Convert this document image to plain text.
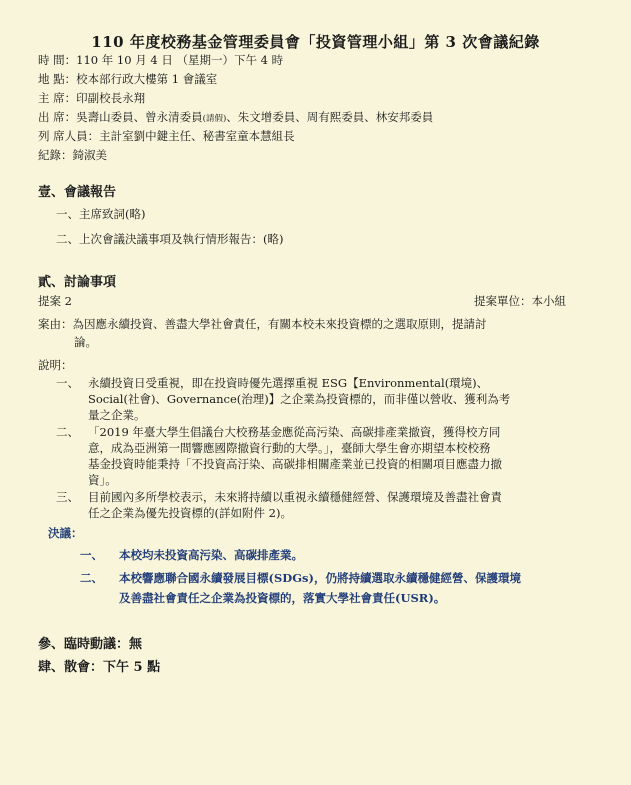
110 年度校務基金管理委員會「投資管理小組」第 3 次會議紀錄
時 間：110 年 10 月 4 日 （星期一）下午 4 時
地 點：校本部行政大樓第 1 會議室
主 席：印副校長永翔
出 席：吳壽山委員、曾永清委員(請假)、朱文增委員、周有熙委員、林安邦委員
列 席人員：主計室劉中鍵主任、秘書室童本慧組長
紀錄：錡淑美
壹、會議報告
一、主席致詞(略)
二、上次會議決議事項及執行情形報告：(略)
貳、討論事項
提案 2	提案單位：本小組
案由：為因應永續投資、善盡大學社會責任，有關本校未來投資標的之選取原則，提請討
論。
說明：
一、 永續投資日受重視，即在投資時優先選擇重視 ESG【Environmental(環境)、
Social(社會)、Governance(治理)】之企業為投資標的，而非僅以營收、獲利為考
量之企業。
二、 「2019 年臺大學生倡議台大校務基金應從高污染、高碳排產業撤資，獲得校方同
意，成為亞洲第一間響應國際撤資行動的大學。」，臺師大學生會亦期望本校校務
基金投資時能秉持「不投資高汙染、高碳排相關產業並已投資的相關項目應盡力撤
資」。
三、 目前國內多所學校表示，未來將持續以重視永續穩健經營、保護環境及善盡社會責
任之企業為優先投資標的(詳如附件 2)。
決議：
一、 本校均未投資高污染、高碳排產業。
二、 本校響應聯合國永續發展目標(SDGs)，仍將持續選取永續穩健經營、保護環境
及善盡社會責任之企業為投資標的，落實大學社會責任(USR)。
參、臨時動議：無
肆、散會：下午 5 點
